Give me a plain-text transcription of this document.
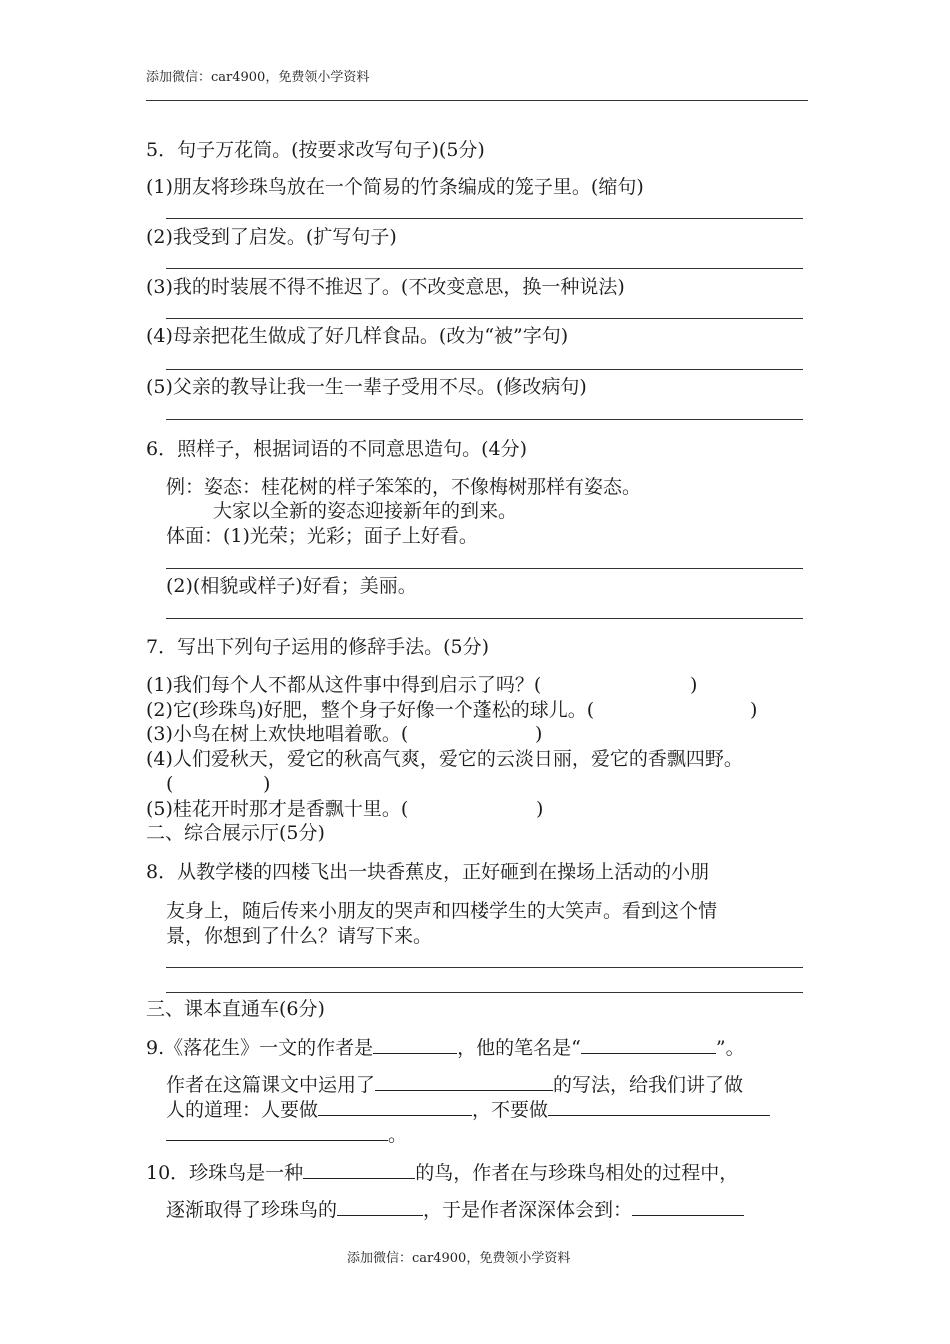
添加微信：car4900，免费领小学资料
5．句子万花筒。(按要求改写句子)(5分)
(1)朋友将珍珠鸟放在一个简易的竹条编成的笼子里。(缩句)
(2)我受到了启发。(扩写句子)
(3)我的时装展不得不推迟了。(不改变意思，换一种说法)
(4)母亲把花生做成了好几样食品。(改为“被”字句)
(5)父亲的教导让我一生一辈子受用不尽。(修改病句)
6．照样子，根据词语的不同意思造句。(4分)
例：姿态：桂花树的样子笨笨的，不像梅树那样有姿态。
大家以全新的姿态迎接新年的到来。
体面：(1)光荣；光彩；面子上好看。
(2)(相貌或样子)好看；美丽。
7．写出下列句子运用的修辞手法。(5分)
(1)我们每个人不都从这件事中得到启示了吗？(	)
(2)它(珍珠鸟)好肥，整个身子好像一个蓬松的球儿。(	)
(3)小鸟在树上欢快地唱着歌。(	)
(4)人们爱秋天，爱它的秋高气爽，爱它的云淡日丽，爱它的香飘四野。
(	)
(5)桂花开时那才是香飘十里。(	)
二、综合展示厅(5分)
8．从教学楼的四楼飞出一块香蕉皮，正好砸到在操场上活动的小朋
友身上，随后传来小朋友的哭声和四楼学生的大笑声。看到这个情
景，你想到了什么？请写下来。
三、课本直通车(6分)
9.《落花生》一文的作者是	，他的笔名是“	”。
作者在这篇课文中运用了	的写法，给我们讲了做
人的道理：人要做	，不要做
。
10．珍珠鸟是一种	的鸟，作者在与珍珠鸟相处的过程中，
逐渐取得了珍珠鸟的	，于是作者深深体会到：
添加微信：car4900，免费领小学资料
